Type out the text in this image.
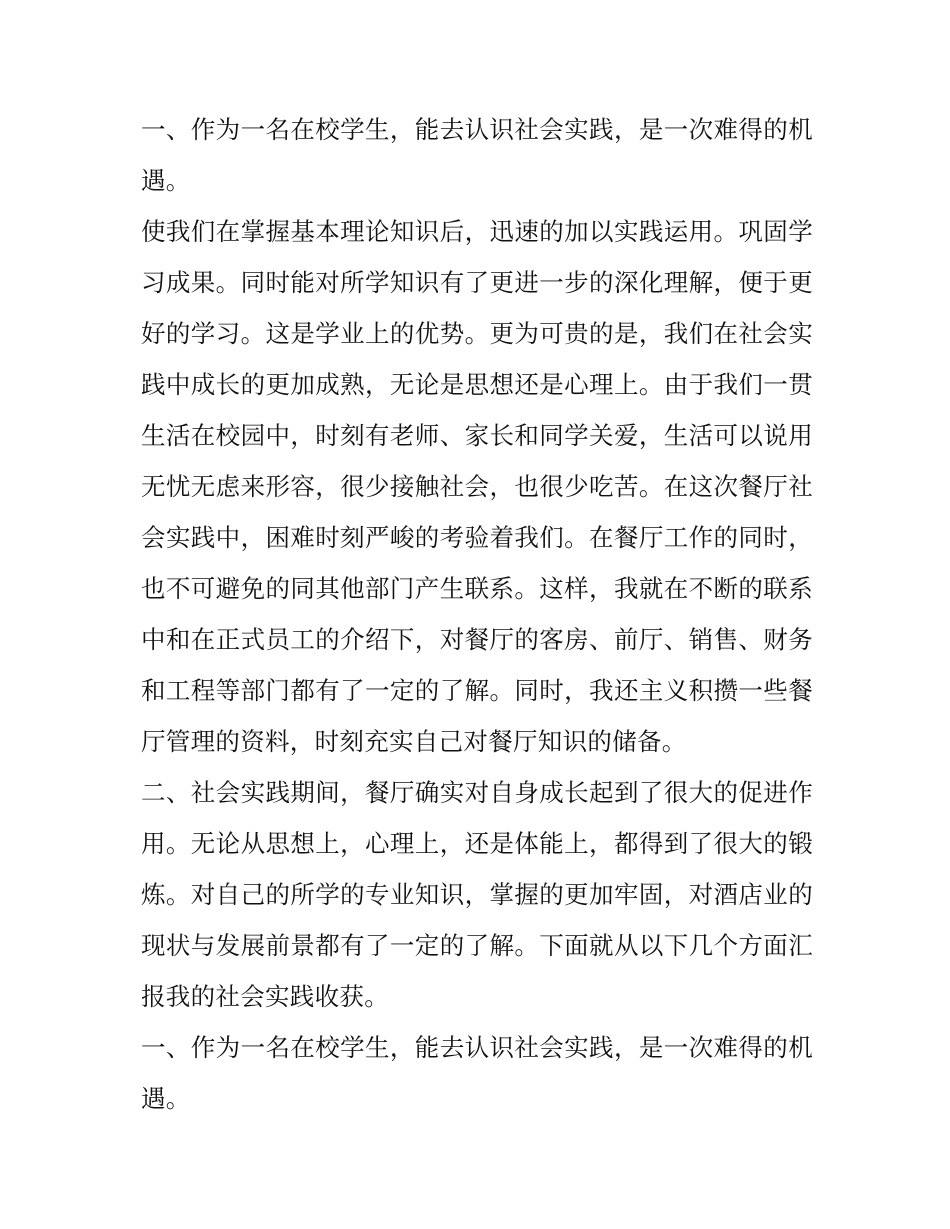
一、作为一名在校学生，能去认识社会实践，是一次难得的机遇。

使我们在掌握基本理论知识后，迅速的加以实践运用。巩固学习成果。同时能对所学知识有了更进一步的深化理解，便于更好的学习。这是学业上的优势。更为可贵的是，我们在社会实践中成长的更加成熟，无论是思想还是心理上。由于我们一贯生活在校园中，时刻有老师、家长和同学关爱，生活可以说用无忧无虑来形容，很少接触社会，也很少吃苦。在这次餐厅社会实践中，困难时刻严峻的考验着我们。在餐厅工作的同时，也不可避免的同其他部门产生联系。这样，我就在不断的联系中和在正式员工的介绍下，对餐厅的客房、前厅、销售、财务和工程等部门都有了一定的了解。同时，我还主义积攒一些餐厅管理的资料，时刻充实自己对餐厅知识的储备。

二、社会实践期间，餐厅确实对自身成长起到了很大的促进作用。无论从思想上，心理上，还是体能上，都得到了很大的锻炼。对自己的所学的专业知识，掌握的更加牢固，对酒店业的现状与发展前景都有了一定的了解。下面就从以下几个方面汇报我的社会实践收获。

一、作为一名在校学生，能去认识社会实践，是一次难得的机遇。
